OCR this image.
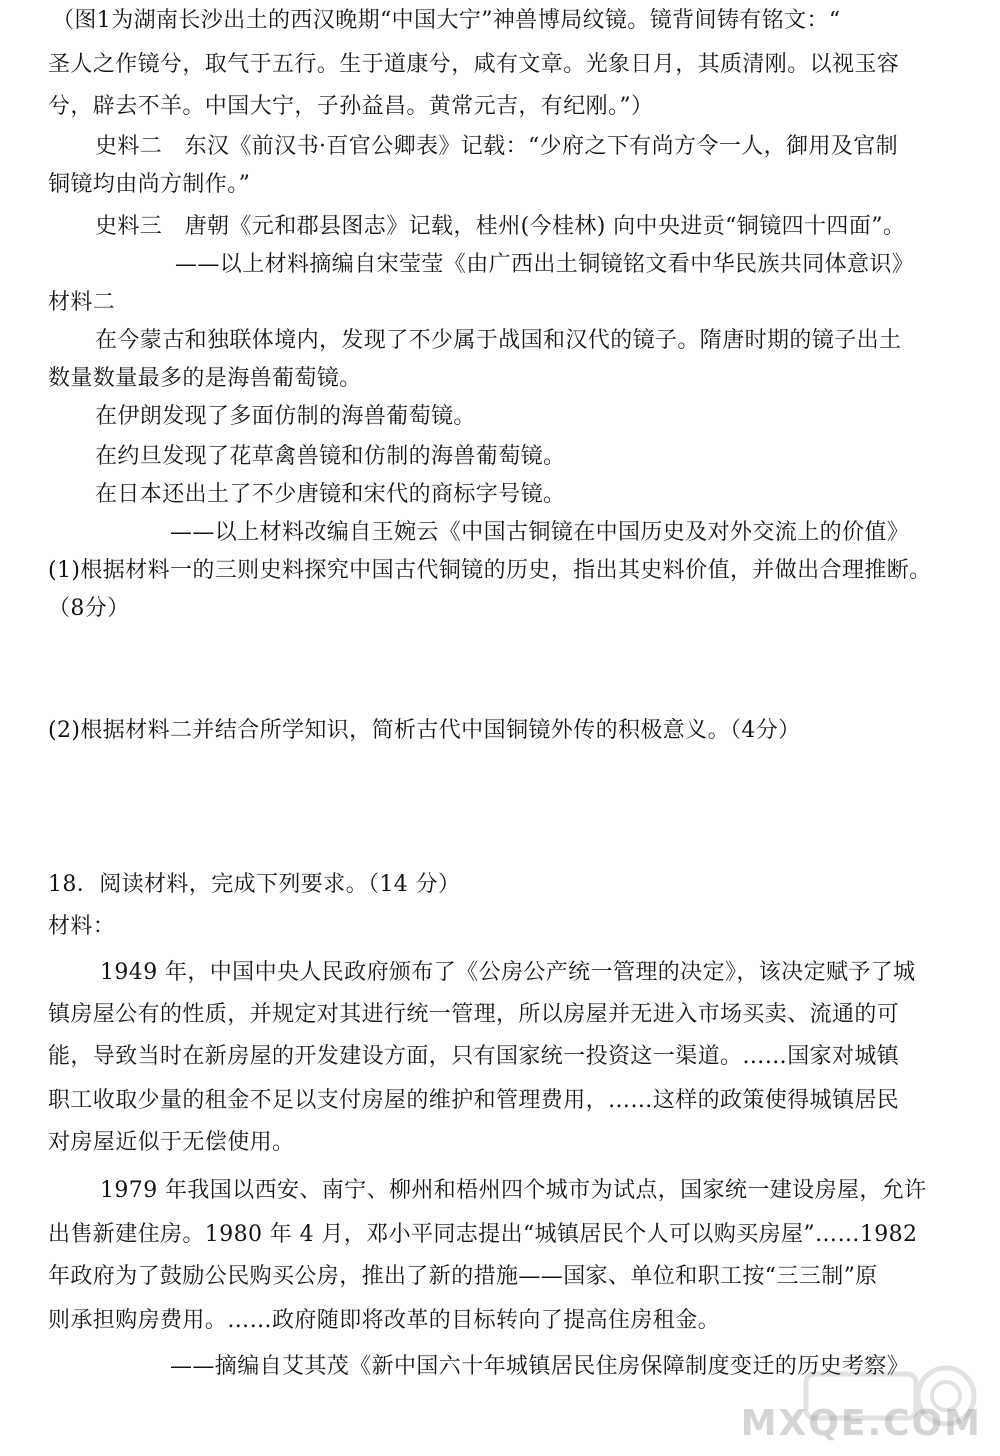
（图1为湖南长沙出土的西汉晚期“中国大宁”神兽博局纹镜。镜背间铸有铭文：“
圣人之作镜兮，取气于五行。生于道康兮，咸有文章。光象日月，其质清刚。以视玉容
兮，辟去不羊。中国大宁，子孙益昌。黄常元吉，有纪刚。”）
史料二　东汉《前汉书·百官公卿表》记载：“少府之下有尚方令一人，御用及官制
铜镜均由尚方制作。”
史料三　唐朝《元和郡县图志》记载，桂州(今桂林) 向中央进贡“铜镜四十四面”。
——以上材料摘编自宋莹莹《由广西出土铜镜铭文看中华民族共同体意识》
材料二
在今蒙古和独联体境内，发现了不少属于战国和汉代的镜子。隋唐时期的镜子出土
数量数量最多的是海兽葡萄镜。
在伊朗发现了多面仿制的海兽葡萄镜。
在约旦发现了花草禽兽镜和仿制的海兽葡萄镜。
在日本还出土了不少唐镜和宋代的商标字号镜。
——以上材料改编自王婉云《中国古铜镜在中国历史及对外交流上的价值》
(1)根据材料一的三则史料探究中国古代铜镜的历史，指出其史料价值，并做出合理推断。
（8分）
(2)根据材料二并结合所学知识，简析古代中国铜镜外传的积极意义。（4分）
18．阅读材料，完成下列要求。（14 分）
材料：
1949 年，中国中央人民政府颁布了《公房公产统一管理的决定》，该决定赋予了城
镇房屋公有的性质，并规定对其进行统一管理，所以房屋并无进入市场买卖、流通的可
能，导致当时在新房屋的开发建设方面，只有国家统一投资这一渠道。……国家对城镇
职工收取少量的租金不足以支付房屋的维护和管理费用，……这样的政策使得城镇居民
对房屋近似于无偿使用。
1979 年我国以西安、南宁、柳州和梧州四个城市为试点，国家统一建设房屋，允许
出售新建住房。1980 年 4 月，邓小平同志提出“城镇居民个人可以购买房屋”……1982
年政府为了鼓励公民购买公房，推出了新的措施——国家、单位和职工按“三三制”原
则承担购房费用。……政府随即将改革的目标转向了提高住房租金。
——摘编自艾其茂《新中国六十年城镇居民住房保障制度变迁的历史考察》
MXQE.COM
